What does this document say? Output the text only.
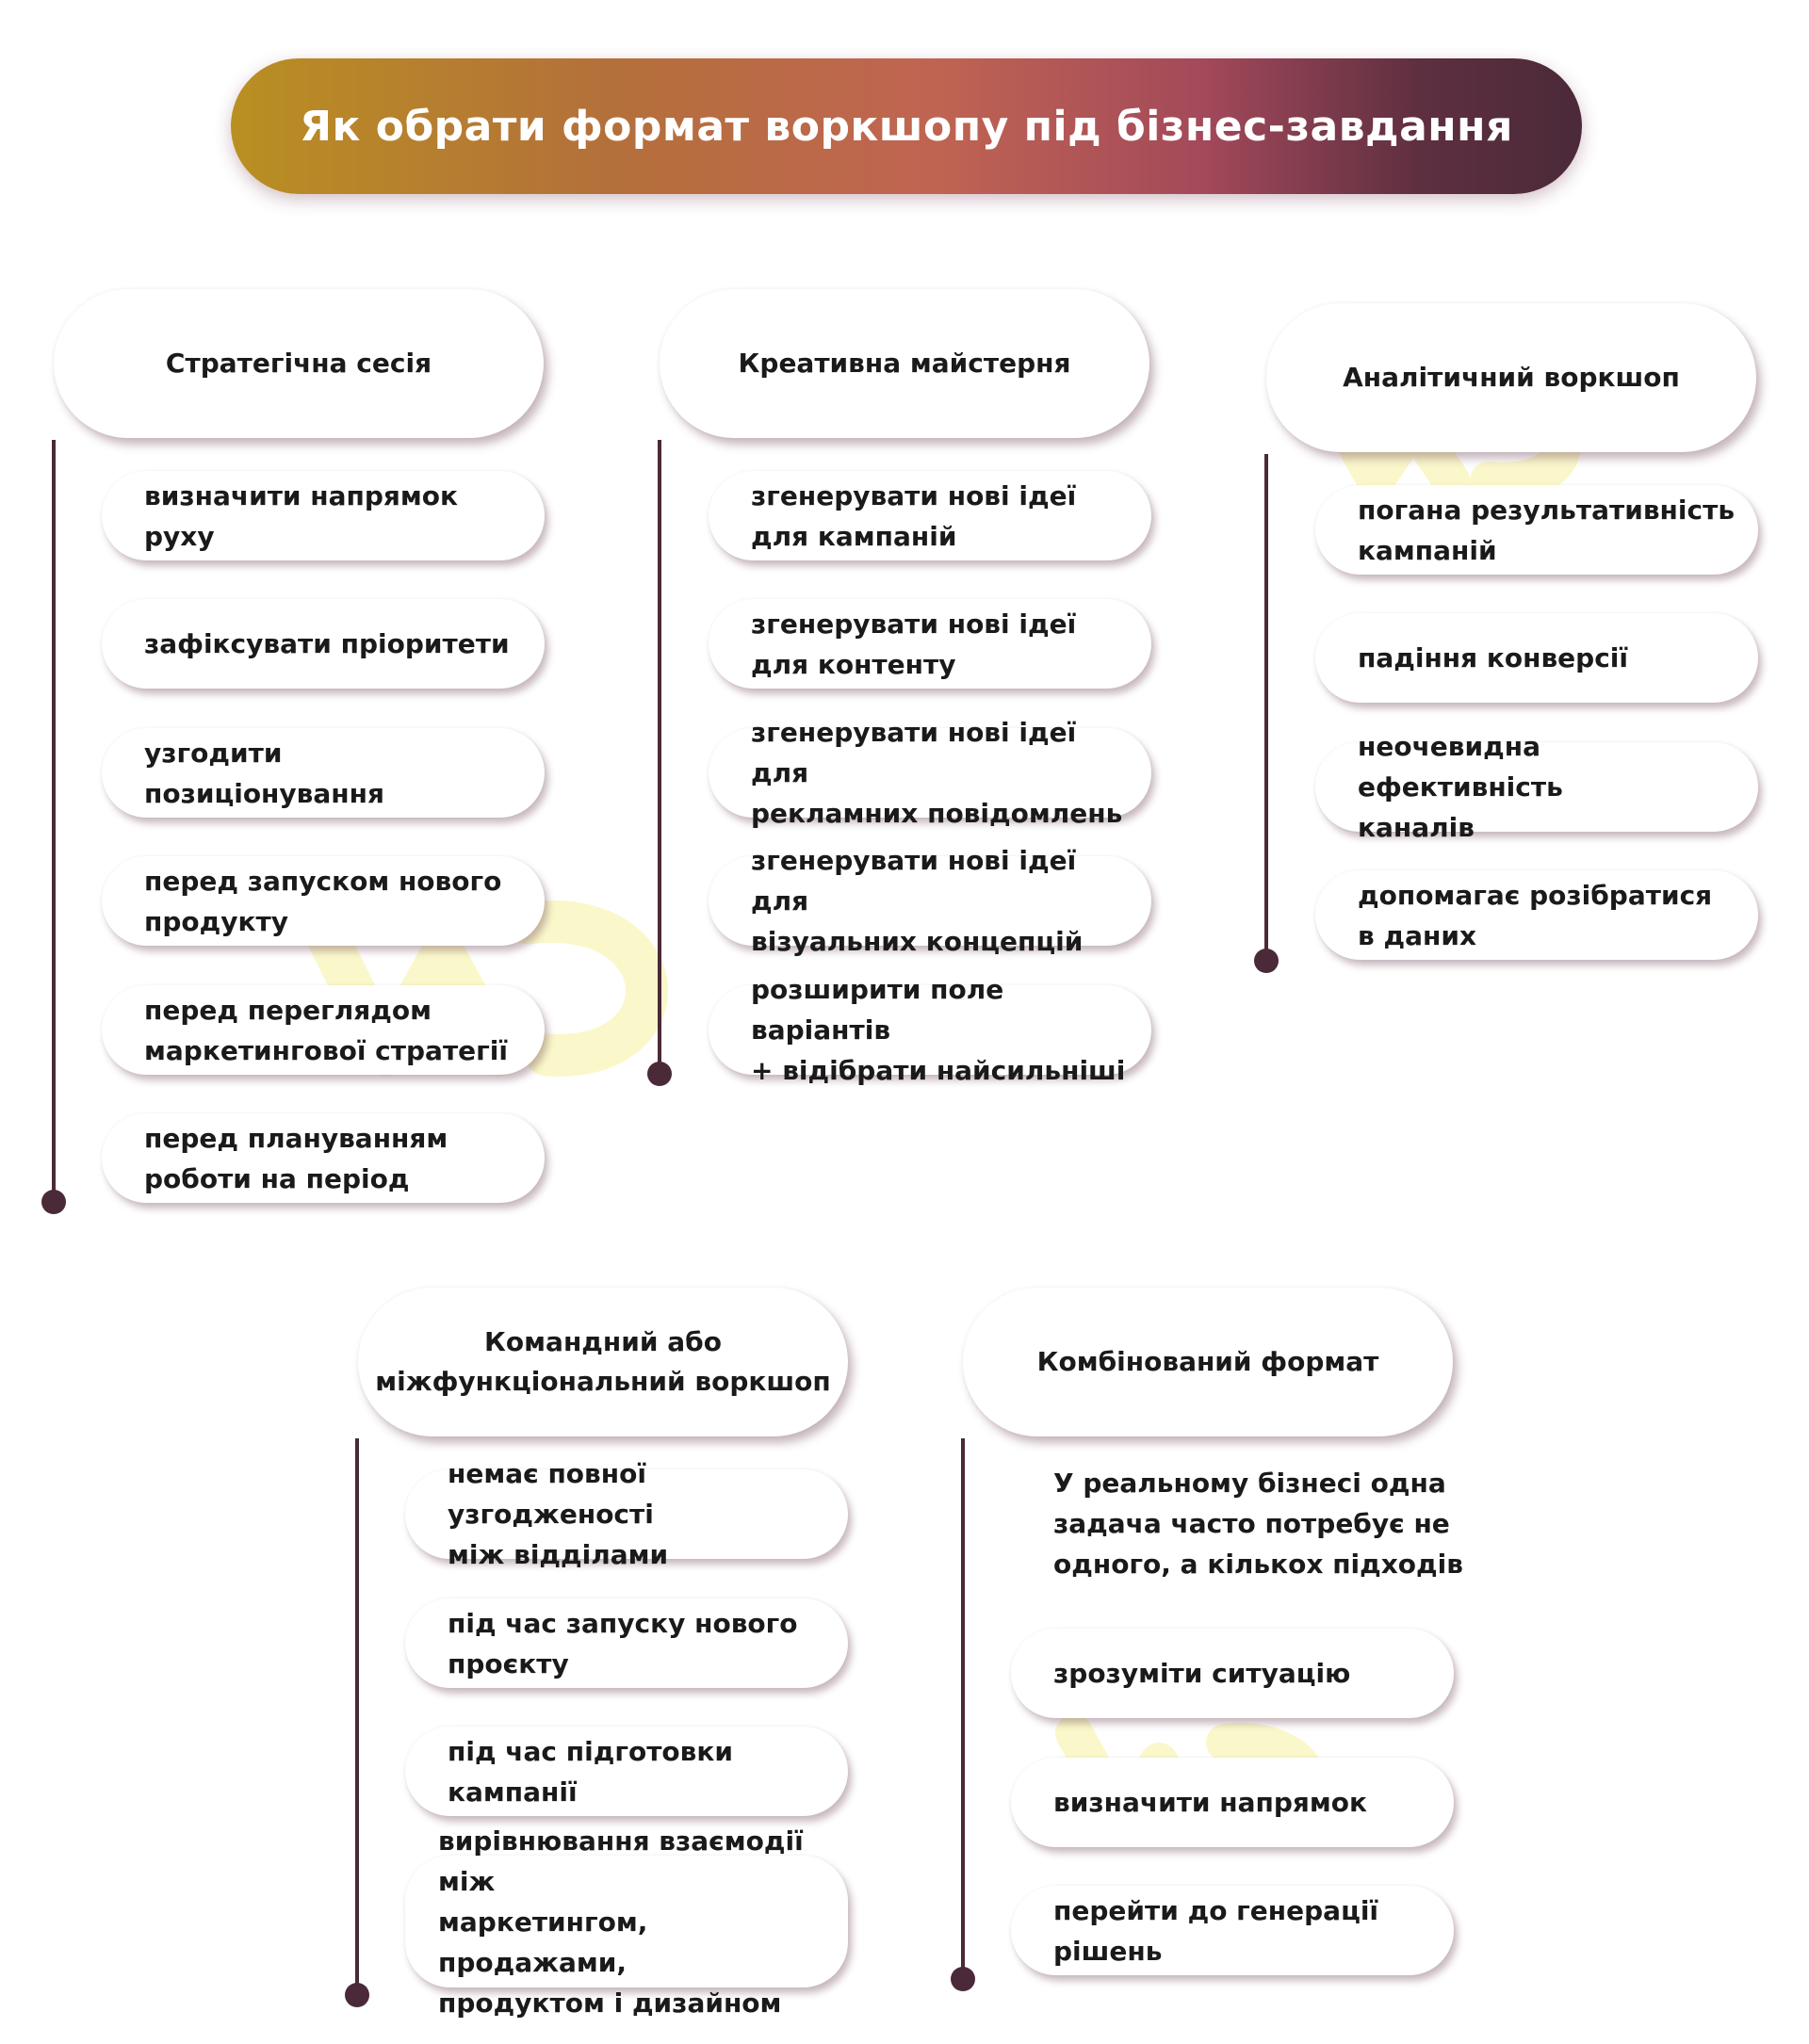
Як обрати формат воркшопу під бізнес-завдання
Стратегічна сесія
визначити напрямок руху
зафіксувати пріоритети
узгодити позиціонування
перед запуском нового
продукту
перед переглядом
маркетингової стратегії
перед плануванням
роботи на період
Креативна майстерня
згенерувати нові ідеї
для кампаній
згенерувати нові ідеї
для контенту
згенерувати нові ідеї для
рекламних повідомлень
згенерувати нові ідеї для
візуальних концепцій
розширити поле варіантів
+ відібрати найсильніші
Аналітичний воркшоп
погана результативність
кампаній
падіння конверсії
неочевидна ефективність
каналів
допомагає розібратися
в даних
Командний або
міжфункціональний воркшоп
немає повної узгодженості
між відділами
під час запуску нового
проєкту
під час підготовки
кампанії
вирівнювання взаємодії між
маркетингом, продажами,
продуктом і дизайном
Комбінований формат
У реальному бізнесі одна
задача часто потребує не
одного, а кількох підходів
зрозуміти ситуацію
визначити напрямок
перейти до генерації
рішень
